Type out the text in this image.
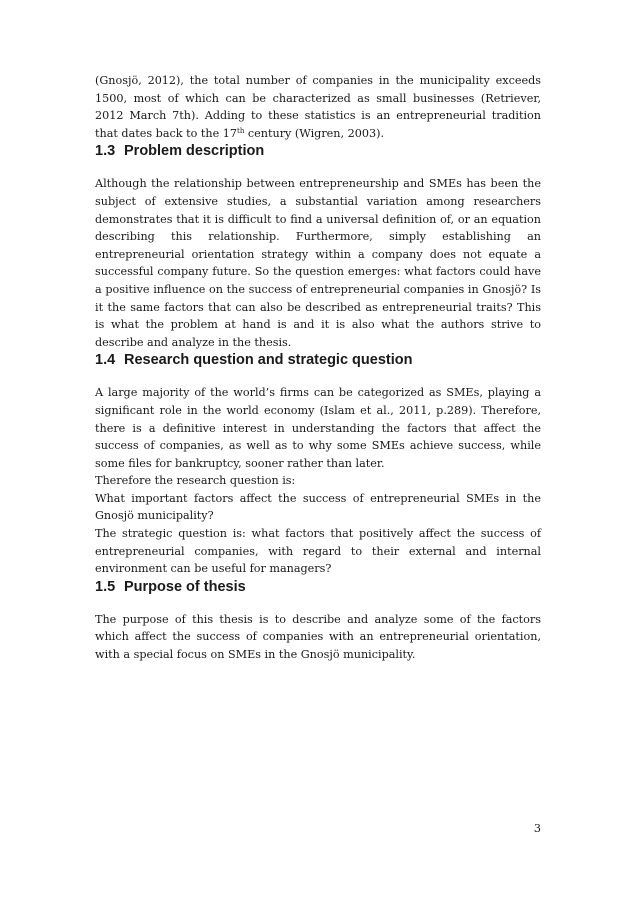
(Gnosjö, 2012), the total number of companies in the municipality exceeds 1500, most of which can be characterized as small businesses (Retriever, 2012 March 7th). Adding to these statistics is an entrepreneurial tradition that dates back to the 17th century (Wigren, 2003).

1.3 Problem description

Although the relationship between entrepreneurship and SMEs has been the subject of extensive studies, a substantial variation among researchers demonstrates that it is difficult to find a universal definition of, or an equation describing this relationship. Furthermore, simply establishing an entrepreneurial orientation strategy within a company does not equate a successful company future. So the question emerges: what factors could have a positive influence on the success of entrepreneurial companies in Gnosjö? Is it the same factors that can also be described as entrepreneurial traits? This is what the problem at hand is and it is also what the authors strive to describe and analyze in the thesis.

1.4 Research question and strategic question

A large majority of the world’s firms can be categorized as SMEs, playing a significant role in the world economy (Islam et al., 2011, p.289). Therefore, there is a definitive interest in understanding the factors that affect the success of companies, as well as to why some SMEs achieve success, while some files for bankruptcy, sooner rather than later.

Therefore the research question is:

What important factors affect the success of entrepreneurial SMEs in the Gnosjö municipality?

The strategic question is: what factors that positively affect the success of entrepreneurial companies, with regard to their external and internal environment can be useful for managers?

1.5 Purpose of thesis

The purpose of this thesis is to describe and analyze some of the factors which affect the success of companies with an entrepreneurial orientation, with a special focus on SMEs in the Gnosjö municipality.

3
